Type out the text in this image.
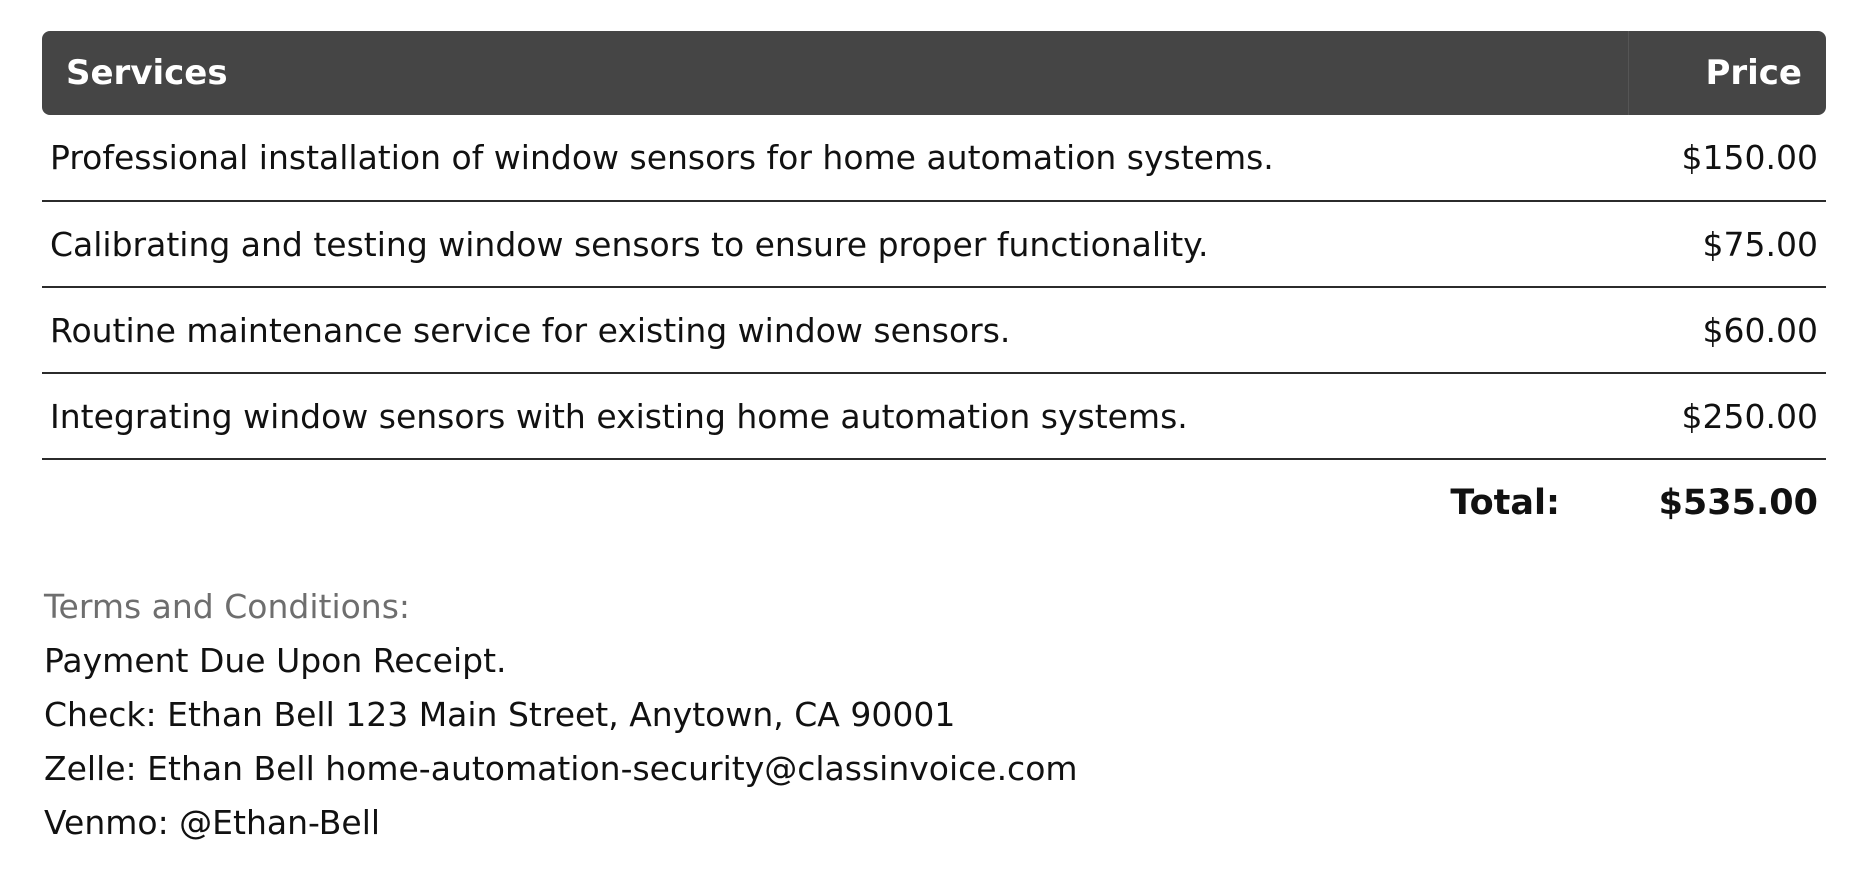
Services	Price
Professional installation of window sensors for home automation systems.	$150.00
Calibrating and testing window sensors to ensure proper functionality.	$75.00
Routine maintenance service for existing window sensors.	$60.00
Integrating window sensors with existing home automation systems.	$250.00
Total:	$535.00
Terms and Conditions:
Payment Due Upon Receipt.
Check: Ethan Bell 123 Main Street, Anytown, CA 90001
Zelle: Ethan Bell home-automation-security@classinvoice.com
Venmo: @Ethan-Bell
